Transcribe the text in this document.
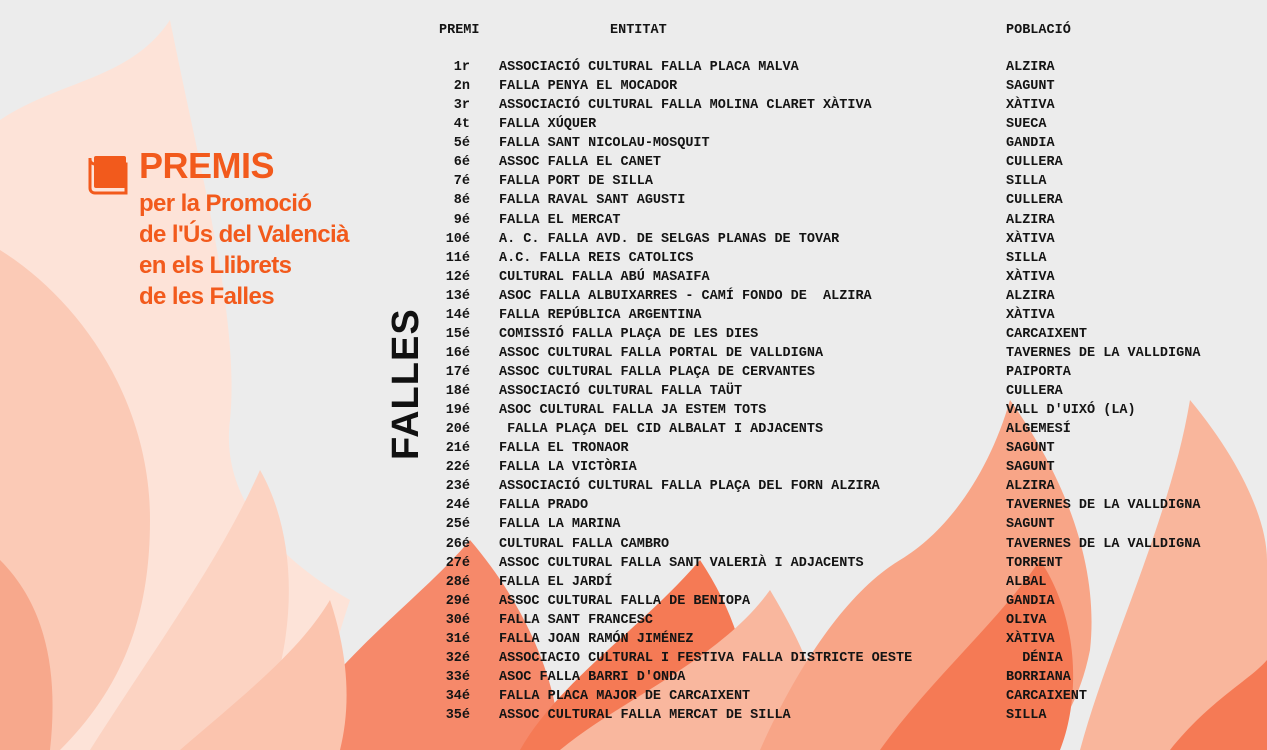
PREMIS
per la Promoció
de l'Ús del Valencià
en els Llibrets
de les Falles
FALLES
PREMI	ENTITAT	POBLACIÓ
1r ASSOCIACIÓ CULTURAL FALLA PLACA MALVA	ALZIRA
2n FALLA PENYA EL MOCADOR	SAGUNT
3r ASSOCIACIÓ CULTURAL FALLA MOLINA CLARET XÀTIVA	XÀTIVA
4t FALLA XÚQUER	SUECA
5é FALLA SANT NICOLAU-MOSQUIT	GANDIA
6é ASSOC FALLA EL CANET	CULLERA
7é FALLA PORT DE SILLA	SILLA
8é FALLA RAVAL SANT AGUSTI	CULLERA
9é FALLA EL MERCAT	ALZIRA
10é A. C. FALLA AVD. DE SELGAS PLANAS DE TOVAR	XÀTIVA
11é A.C. FALLA REIS CATOLICS	SILLA
12é CULTURAL FALLA ABÚ MASAIFA	XÀTIVA
13é ASOC FALLA ALBUIXARRES - CAMÍ FONDO DE  ALZIRA	ALZIRA
14é FALLA REPÚBLICA ARGENTINA	XÀTIVA
15é COMISSIÓ FALLA PLAÇA DE LES DIES	CARCAIXENT
16é ASSOC CULTURAL FALLA PORTAL DE VALLDIGNA	TAVERNES DE LA VALLDIGNA
17é ASSOC CULTURAL FALLA PLAÇA DE CERVANTES	PAIPORTA
18é ASSOCIACIÓ CULTURAL FALLA TAÜT	CULLERA
19é ASOC CULTURAL FALLA JA ESTEM TOTS	VALL D'UIXÓ (LA)
20é FALLA PLAÇA DEL CID ALBALAT I ADJACENTS	ALGEMESÍ
21é FALLA EL TRONAOR	SAGUNT
22é FALLA LA VICTÒRIA	SAGUNT
23é ASSOCIACIÓ CULTURAL FALLA PLAÇA DEL FORN ALZIRA	ALZIRA
24é FALLA PRADO	TAVERNES DE LA VALLDIGNA
25é FALLA LA MARINA	SAGUNT
26é CULTURAL FALLA CAMBRO	TAVERNES DE LA VALLDIGNA
27é ASSOC CULTURAL FALLA SANT VALERIÀ I ADJACENTS	TORRENT
28é FALLA EL JARDÍ	ALBAL
29é ASSOC CULTURAL FALLA DE BENIOPA	GANDIA
30é FALLA SANT FRANCESC	OLIVA
31é FALLA JOAN RAMÓN JIMÉNEZ	XÀTIVA
32é ASSOCIACIO CULTURAL I FESTIVA FALLA DISTRICTE OESTE	DÉNIA
33é ASOC FALLA BARRI D'ONDA	BORRIANA
34é FALLA PLACA MAJOR DE CARCAIXENT	CARCAIXENT
35é ASSOC CULTURAL FALLA MERCAT DE SILLA	SILLA
